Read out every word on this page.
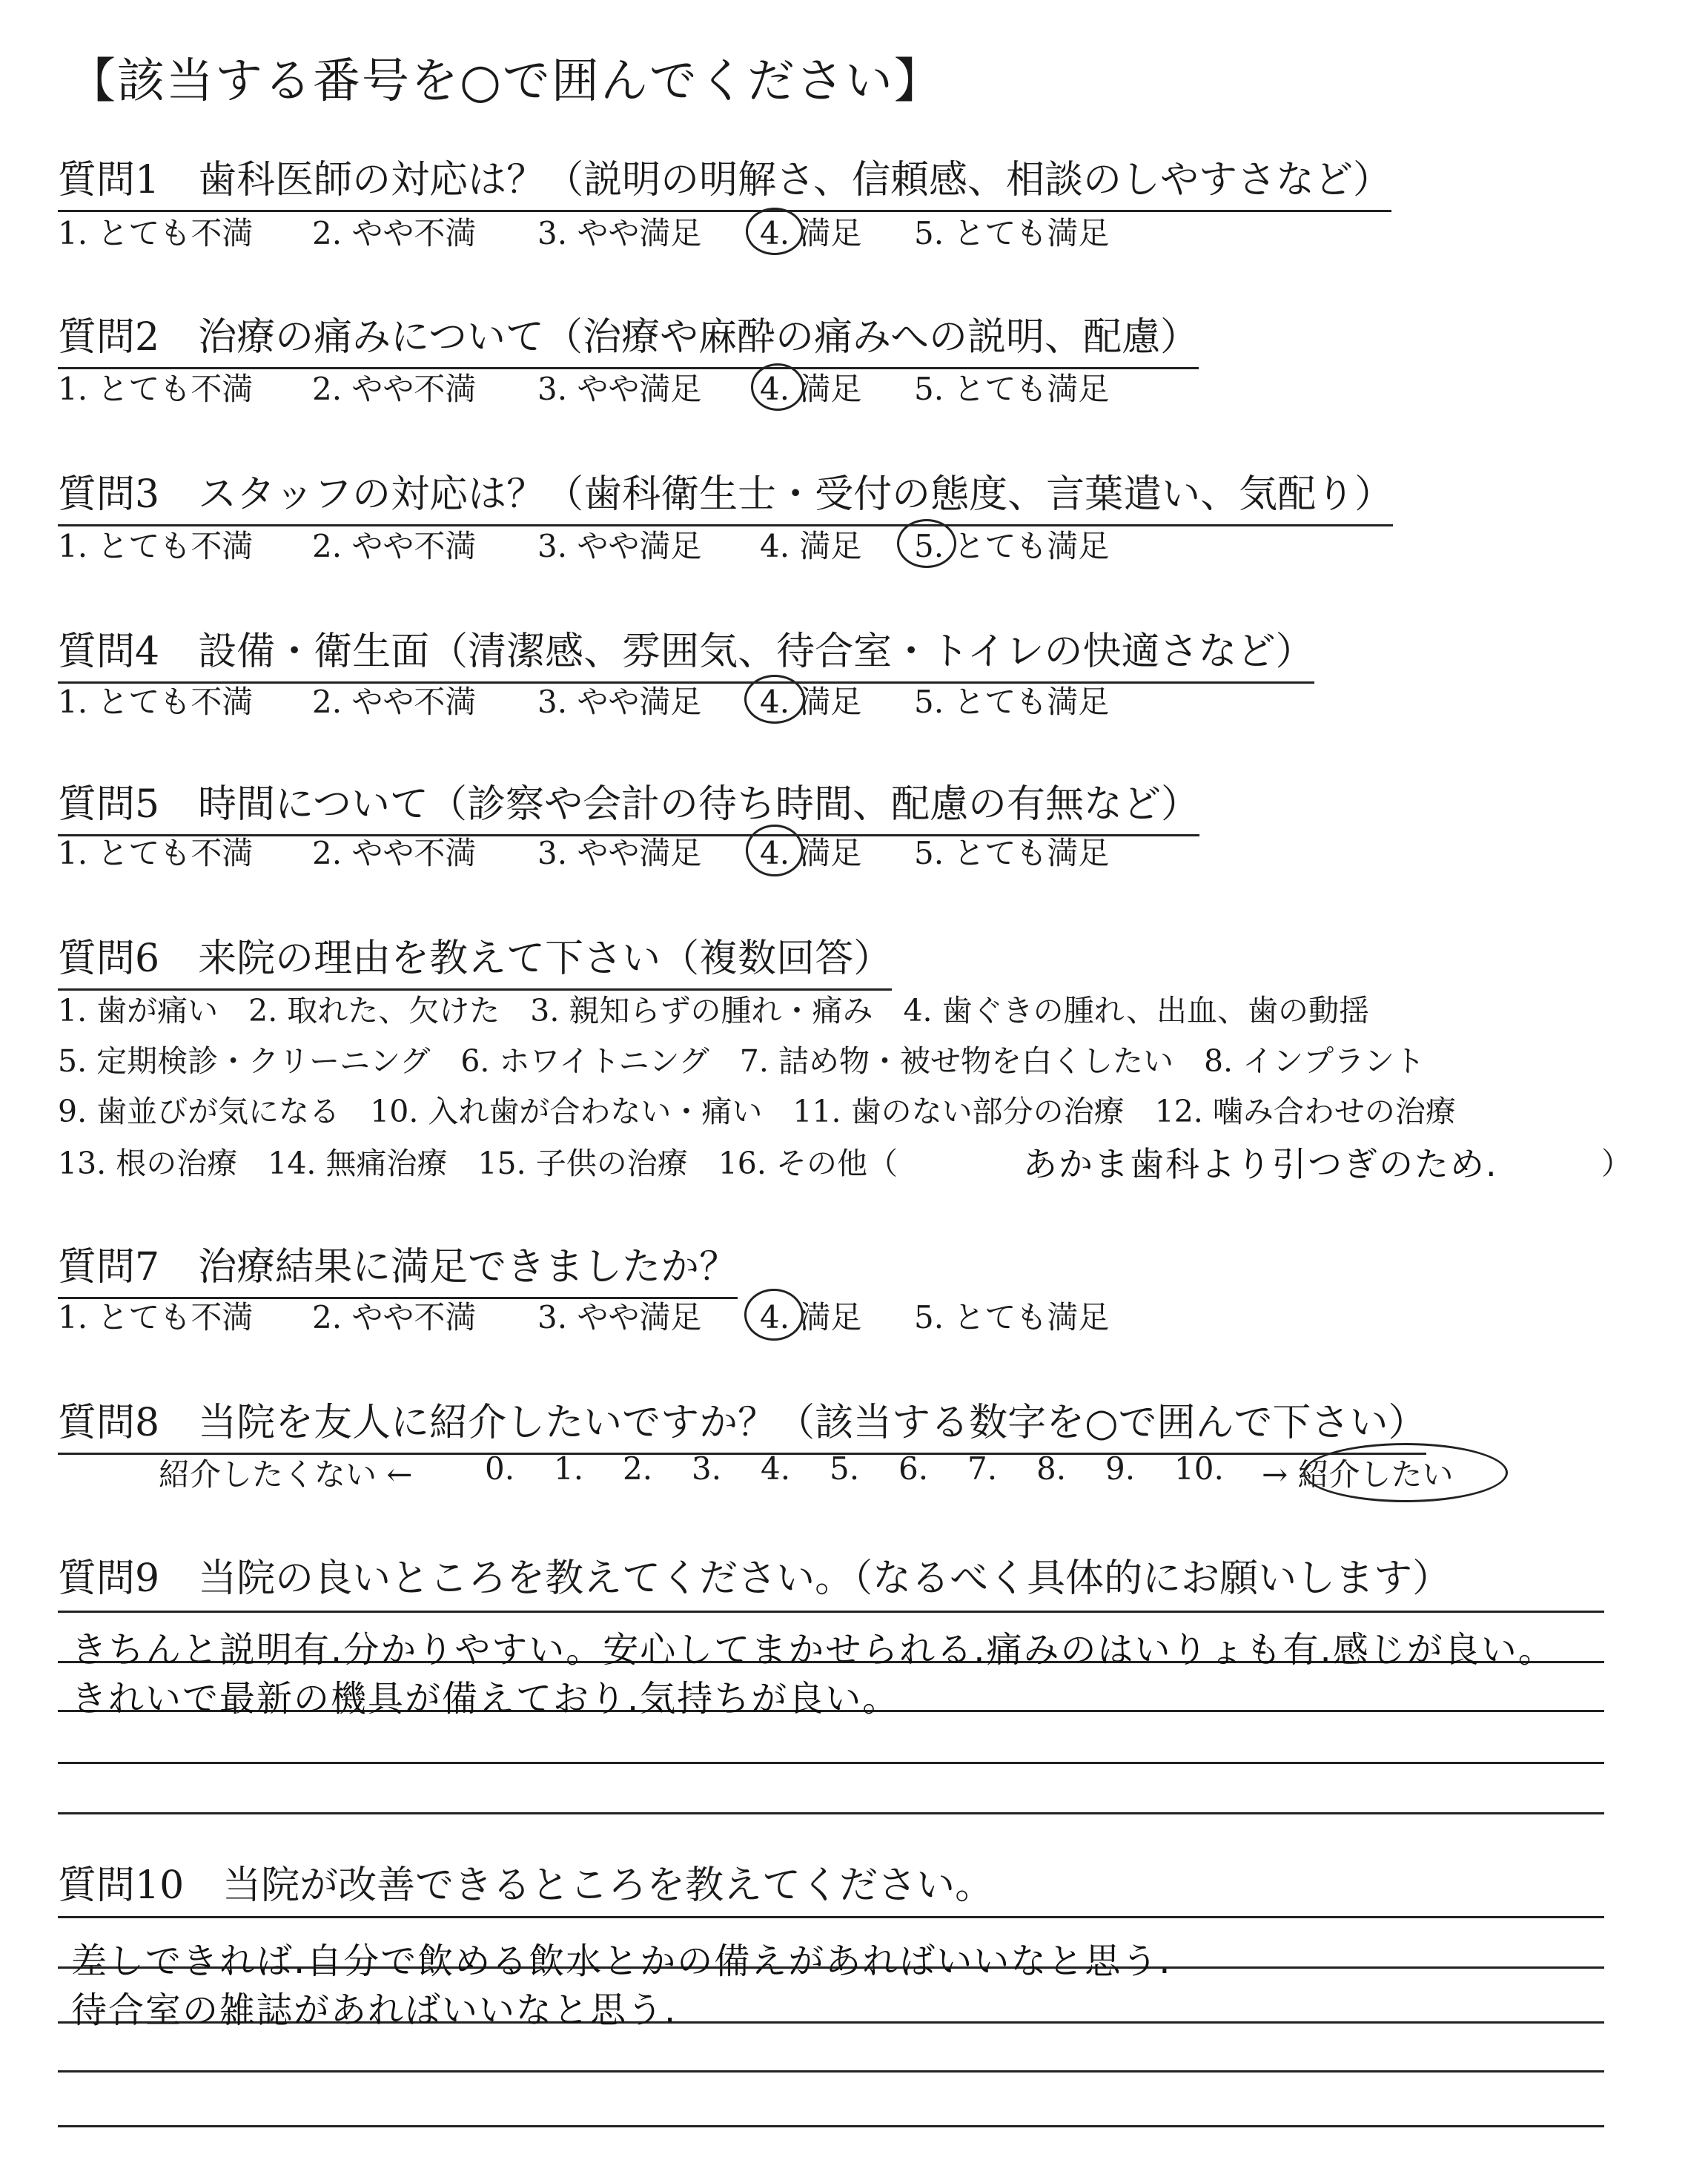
【該当する番号を○で囲んでください】
質問1　歯科医師の対応は？（説明の明解さ、信頼感、相談のしやすさなど）
1. とても不満 2. やや不満 3. やや満足 4. 満足 5. とても満足
質問2　治療の痛みについて（治療や麻酔の痛みへの説明、配慮）
1. とても不満 2. やや不満 3. やや満足 4. 満足 5. とても満足
質問3　スタッフの対応は？（歯科衛生士・受付の態度、言葉遣い、気配り）
1. とても不満 2. やや不満 3. やや満足 4. 満足 5. とても満足
質問4　設備・衛生面（清潔感、雰囲気、待合室・トイレの快適さなど）
1. とても不満 2. やや不満 3. やや満足 4. 満足 5. とても満足
質問5　時間について（診察や会計の待ち時間、配慮の有無など）
1. とても不満 2. やや不満 3. やや満足 4. 満足 5. とても満足
質問6　来院の理由を教えて下さい（複数回答）
1. 歯が痛い　2. 取れた、欠けた　3. 親知らずの腫れ・痛み　4. 歯ぐきの腫れ、出血、歯の動揺
5. 定期検診・クリーニング　6. ホワイトニング　7. 詰め物・被せ物を白くしたい　8. インプラント
9. 歯並びが気になる　10. 入れ歯が合わない・痛い　11. 歯のない部分の治療　12. 噛み合わせの治療
13. 根の治療　14. 無痛治療　15. 子供の治療　16. その他（	あかま歯科より引つぎのため.	）
質問7　治療結果に満足できましたか？
1. とても不満 2. やや不満 3. やや満足 4. 満足 5. とても満足
質問8　当院を友人に紹介したいですか？（該当する数字を○で囲んで下さい）
紹介したくない ← 0. 1. 2. 3. 4. 5. 6. 7. 8. 9. 10. → 紹介したい
質問9　当院の良いところを教えてください。（なるべく具体的にお願いします）
きちんと説明有.分かりやすい。安心してまかせられる.痛みのはいりょも有.感じが良い。
きれいで最新の機具が備えており.気持ちが良い。
質問10　当院が改善できるところを教えてください。
差しできれば.自分で飲める飲水とかの備えがあればいいなと思う.
待合室の雑誌があればいいなと思う.
